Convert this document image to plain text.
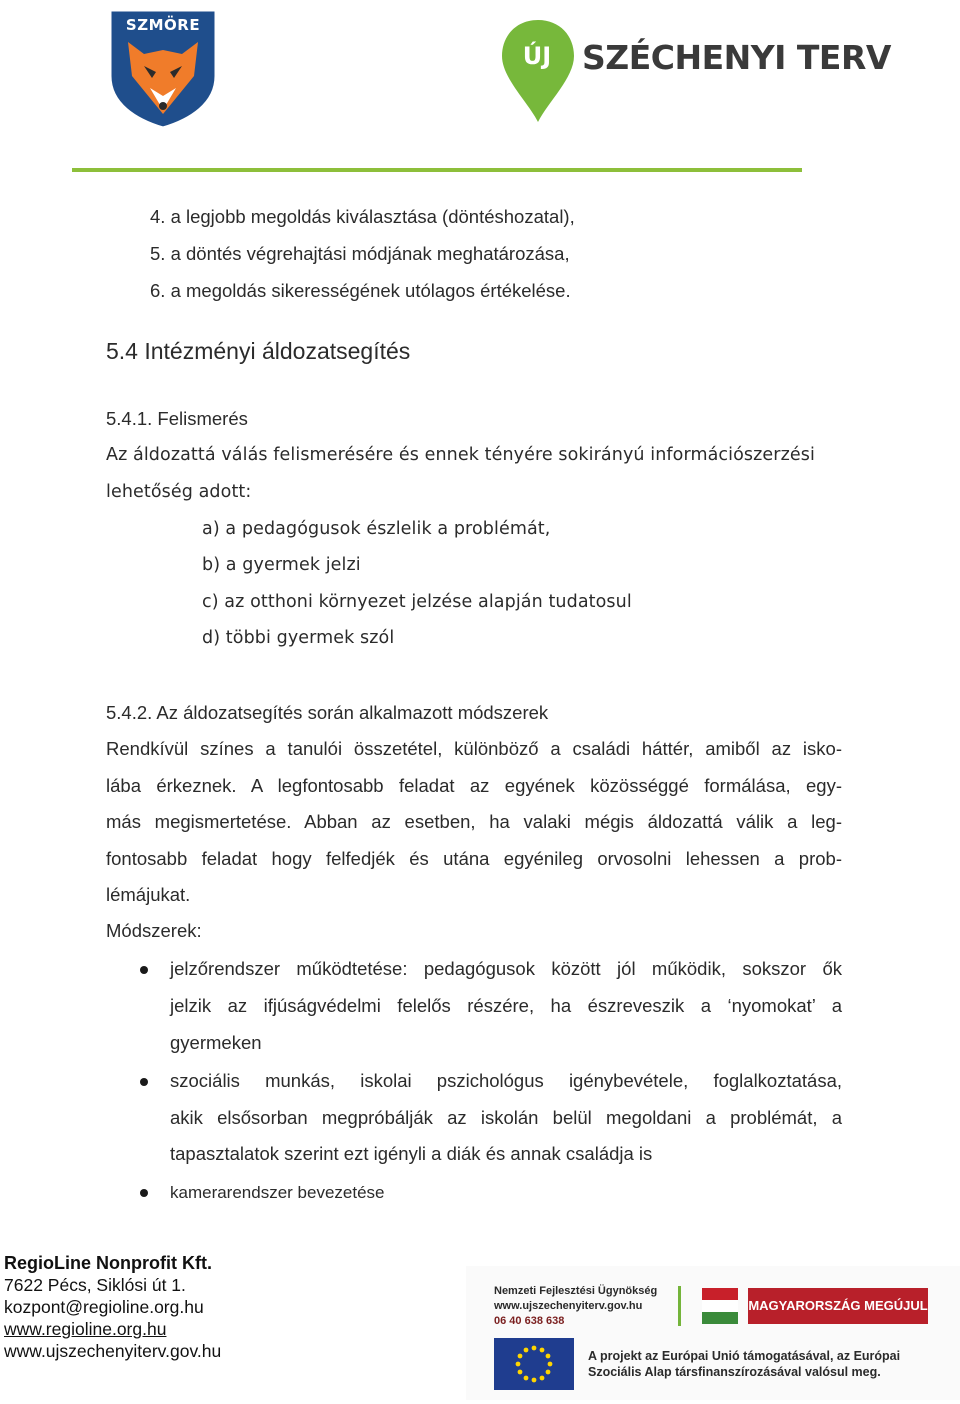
SZMÖRE
ÚJ SZÉCHENYI TERV
4. a legjobb megoldás kiválasztása (döntéshozatal),
5. a döntés végrehajtási módjának meghatározása,
6. a megoldás sikerességének utólagos értékelése.
5.4 Intézményi áldozatsegítés
5.4.1. Felismerés
Az áldozattá válás felismerésére és ennek tényére sokirányú információszerzési
lehetőség adott:
a) a pedagógusok észlelik a problémát,
b) a gyermek jelzi
c) az otthoni környezet jelzése alapján tudatosul
d) többi gyermek szól
5.4.2. Az áldozatsegítés során alkalmazott módszerek
Rendkívül színes a tanulói összetétel, különböző a családi háttér, amiből az isko-
lába érkeznek. A legfontosabb feladat az egyének közösséggé formálása, egy-
más megismertetése. Abban az esetben, ha valaki mégis áldozattá válik a leg-
fontosabb feladat hogy felfedjék és utána egyénileg orvosolni lehessen a prob-
lémájukat.
Módszerek:
jelzőrendszer működtetése: pedagógusok között jól működik, sokszor ők
jelzik az ifjúságvédelmi felelős részére, ha észreveszik a ‘nyomokat’ a
gyermeken
szociális munkás, iskolai pszichológus igénybevétele, foglalkoztatása,
akik elsősorban megpróbálják az iskolán belül megoldani a problémát, a
tapasztalatok szerint ezt igényli a diák és annak családja is
kamerarendszer bevezetése
RegioLine Nonprofit Kft.
7622 Pécs, Siklósi út 1.
kozpont@regioline.org.hu
www.regioline.org.hu
www.ujszechenyiterv.gov.hu
Nemzeti Fejlesztési Ügynökség
www.ujszechenyiterv.gov.hu
06 40 638 638
MAGYARORSZÁG MEGÚJUL
A projekt az Európai Unió támogatásával, az Európai
Szociális Alap társfinanszírozásával valósul meg.
